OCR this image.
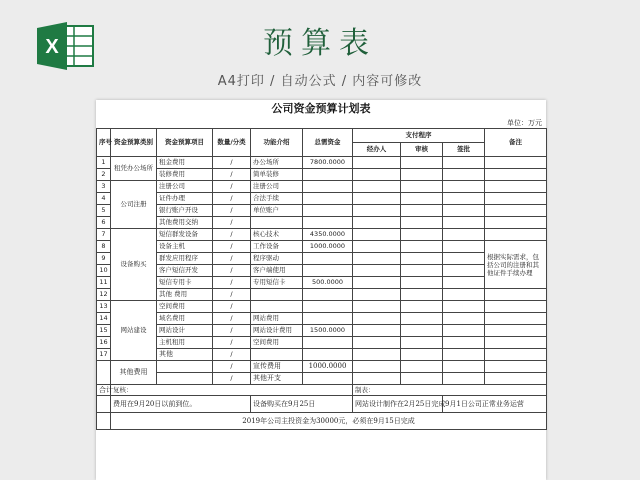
X	预算表
A4打印 / 自动公式 / 内容可修改
公司资金预算计划表
单位：万元
序号	资金预算类别	资金预算项目	数量/分类	功能介绍	总需资金	支付程序			备注
						经办人	审核	签批	
1	租凭办公场所	租金费用	/	办公场所	7800.0000				
2		装修费用	/	简单装修					
3	公司注册	注册公司	/	注册公司					
4		证件办理	/	合法手续					
5		银行账户开设	/	单位账户					
6		其他费用交纳	/						
7	设备购买	短信群发设备	/	核心技术	4350.0000				
8		设备主机	/	工作设备	1000.0000				根据实际需求，包括公司的注册和其他证件手续办理
9		群发应用程序	/	程序驱动					
10		客户短信开发	/	客户端使用					
11		短信专用卡	/	专用短信卡	500.0000				
12		其他 费用	/						
13	网站建设	空间费用	/						
14		域名费用	/	网站费用					
15		网站设计	/	网站设计费用	1500.0000				
16		主机租用	/	空间费用					
17		其他	/						
	其他费用		/	宣传费用	1000.0000				
			/	其他开支					
合计	复核：					制表：			
	费用在9月20日以前到位。			设备购买在9月25日		网站设计制作在2月25日完成		9月1日公司正常业务运营	
	2019年公司主投资金为30000元，必须在9月15日完成								
